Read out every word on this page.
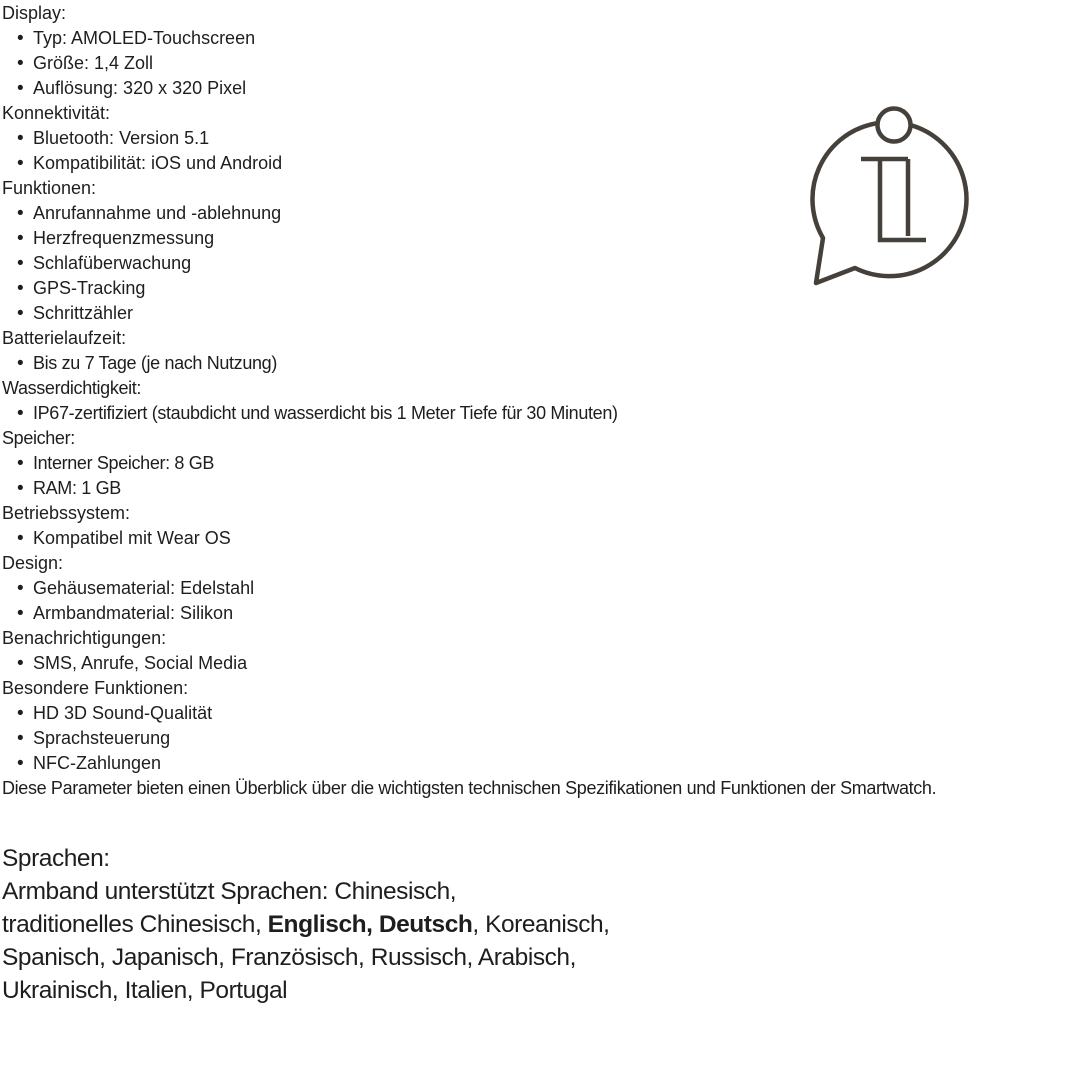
Display:
• Typ: AMOLED-Touchscreen
• Größe: 1,4 Zoll
• Auflösung: 320 x 320 Pixel
Konnektivität:
• Bluetooth: Version 5.1
• Kompatibilität: iOS und Android
Funktionen:
• Anrufannahme und -ablehnung
• Herzfrequenzmessung
• Schlafüberwachung
• GPS-Tracking
• Schrittzähler
Batterielaufzeit:
• Bis zu 7 Tage (je nach Nutzung)
Wasserdichtigkeit:
• IP67-zertifiziert (staubdicht und wasserdicht bis 1 Meter Tiefe für 30 Minuten)
Speicher:
• Interner Speicher: 8 GB
• RAM: 1 GB
Betriebssystem:
• Kompatibel mit Wear OS
Design:
• Gehäusematerial: Edelstahl
• Armbandmaterial: Silikon
Benachrichtigungen:
• SMS, Anrufe, Social Media
Besondere Funktionen:
• HD 3D Sound-Qualität
• Sprachsteuerung
• NFC-Zahlungen

Diese Parameter bieten einen Überblick über die wichtigsten technischen Spezifikationen und Funktionen der Smartwatch.

Sprachen:
Armband unterstützt Sprachen: Chinesisch,
traditionelles Chinesisch, Englisch, Deutsch, Koreanisch,
Spanisch, Japanisch, Französisch, Russisch, Arabisch,
Ukrainisch, Italien, Portugal
